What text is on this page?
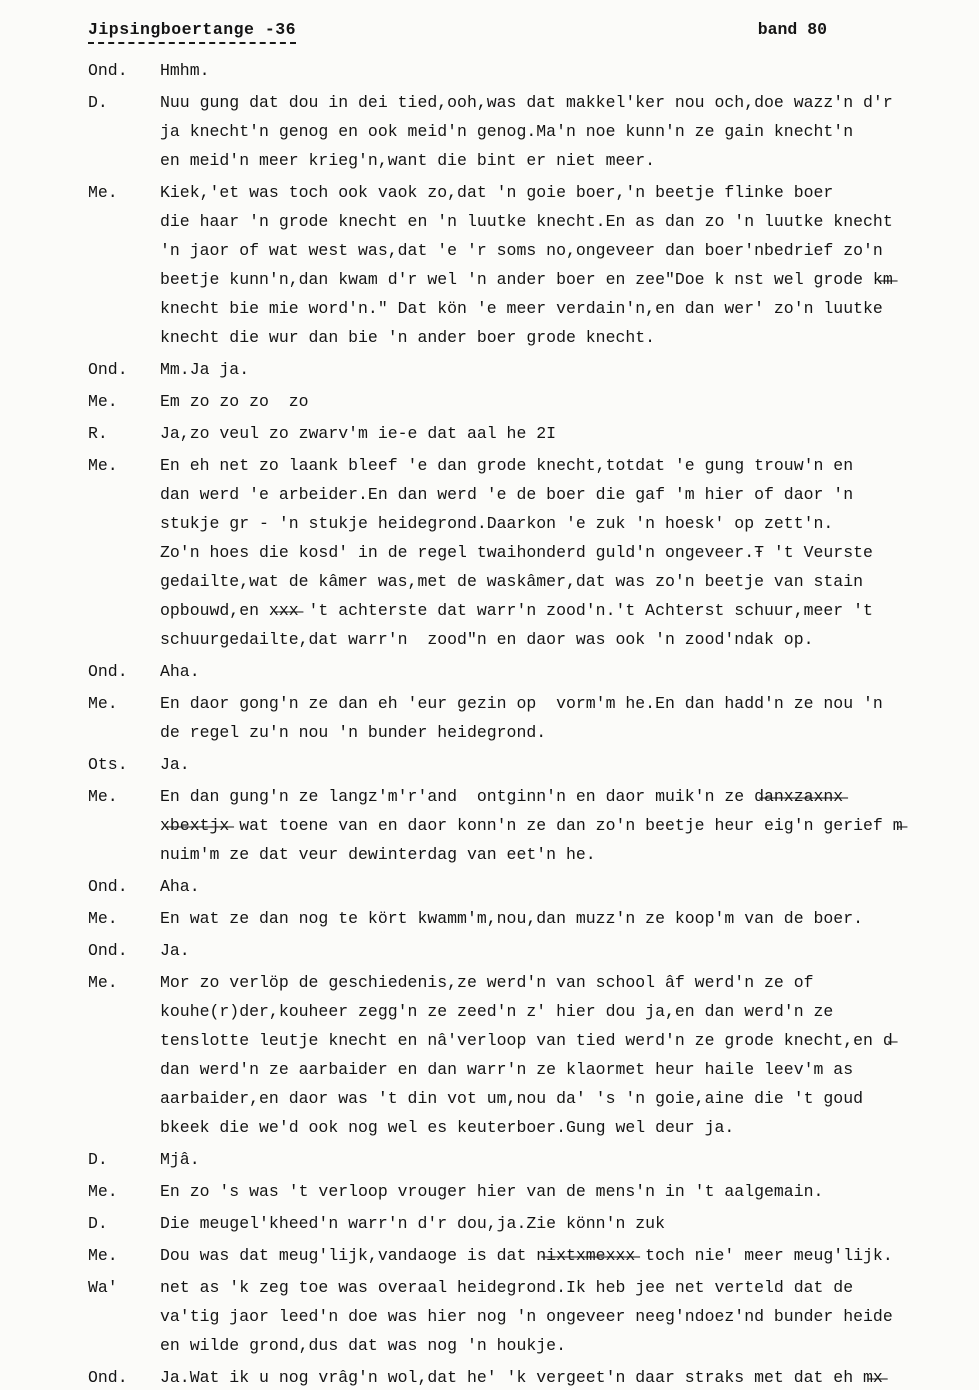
Jipsingboertange -36	band 80
Ond.	Hmhm.
D.	Nuu gung dat dou in dei tied,ooh,was dat makkel'ker nou och,doe wazz'n d'r
ja knecht'n genog en ook meid'n genog.Ma'n noe kunn'n ze gain knecht'n
en meid'n meer krieg'n,want die bint er niet meer.
Me.	Kiek,'et was toch ook vaok zo,dat 'n goie boer,'n beetje flinke boer
die haar 'n grode knecht en 'n luutke knecht.En as dan zo 'n luutke knecht
'n jaor of wat west was,dat 'e 'r soms no,ongeveer dan boer'nbedrief zo'n
beetje kunn'n,dan kwam d'r wel 'n ander boer en zee"Doe k nst wel grode k̶m̶
knecht bie mie word'n." Dat kön 'e meer verdain'n,en dan wer' zo'n luutke
knecht die wur dan bie 'n ander boer grode knecht.
Ond.	Mm.Ja ja.
Me.	Em zo zo zo  zo
R.	Ja,zo veul zo zwarv'm ie-e dat aal he 2I
Me.	En eh net zo laank bleef 'e dan grode knecht,totdat 'e gung trouw'n en
dan werd 'e arbeider.En dan werd 'e de boer die gaf 'm hier of daor 'n
stukje gr - 'n stukje heidegrond.Daarkon 'e zuk 'n hoesk' op zett'n.
Zo'n hoes die kosd' in de regel twaihonderd guld'n ongeveer.Ŧ 't Veurste
gedailte,wat de kâmer was,met de waskâmer,dat was zo'n beetje van stain
opbouwd,en x̶x̶x̶ 't achterste dat warr'n zood'n.'t Achterst schuur,meer 't
schuurgedailte,dat warr'n  zood"n en daor was ook 'n zood'ndak op.
Ond.	Aha.
Me.	En daor gong'n ze dan eh 'eur gezin op  vorm'm he.En dan hadd'n ze nou 'n
de regel zu'n nou 'n bunder heidegrond.
Ots.	Ja.
Me.	En dan gung'n ze langz'm'r'and  ontginn'n en daor muik'n ze d̶a̶n̶x̶z̶a̶x̶n̶x̶
x̶b̶e̶x̶t̶j̶x̶ wat toene van en daor konn'n ze dan zo'n beetje heur eig'n gerief m̶
nuim'm ze dat veur dewinterdag van eet'n he.
Ond.	Aha.
Me.	En wat ze dan nog te kört kwamm'm,nou,dan muzz'n ze koop'm van de boer.
Ond.	Ja.
Me.	Mor zo verlöp de geschiedenis,ze werd'n van school âf werd'n ze of
kouhe(r)der,kouheer zegg'n ze zeed'n z' hier dou ja,en dan werd'n ze
tenslotte leutje knecht en nâ'verloop van tied werd'n ze grode knecht,en d̶
dan werd'n ze aarbaider en dan warr'n ze klaormet heur haile leev'm as
aarbaider,en daor was 't din vot um,nou da' 's 'n goie,aine die 't goud
bkeek die we'd ook nog wel es keuterboer.Gung wel deur ja.
D.	Mjâ.
Me.	En zo 's was 't verloop vrouger hier van de mens'n in 't aalgemain.
D.	Die meugel'kheed'n warr'n d'r dou,ja.Zie könn'n zuk
Me.	Dou was dat meug'lijk,vandaoge is dat n̶i̶x̶t̶x̶m̶e̶x̶x̶x̶ toch nie' meer meug'lijk.
Wa'	net as 'k zeg toe was overaal heidegrond.Ik heb jee net verteld dat de
va'tig jaor leed'n doe was hier nog 'n ongeveer neeg'ndoez'nd bunder heide
en wilde grond,dus dat was nog 'n houkje.
Ond.	Ja.Wat ik u nog vrâg'n wol,dat he' 'k vergeet'n daar straks met dat eh m̶x̶
